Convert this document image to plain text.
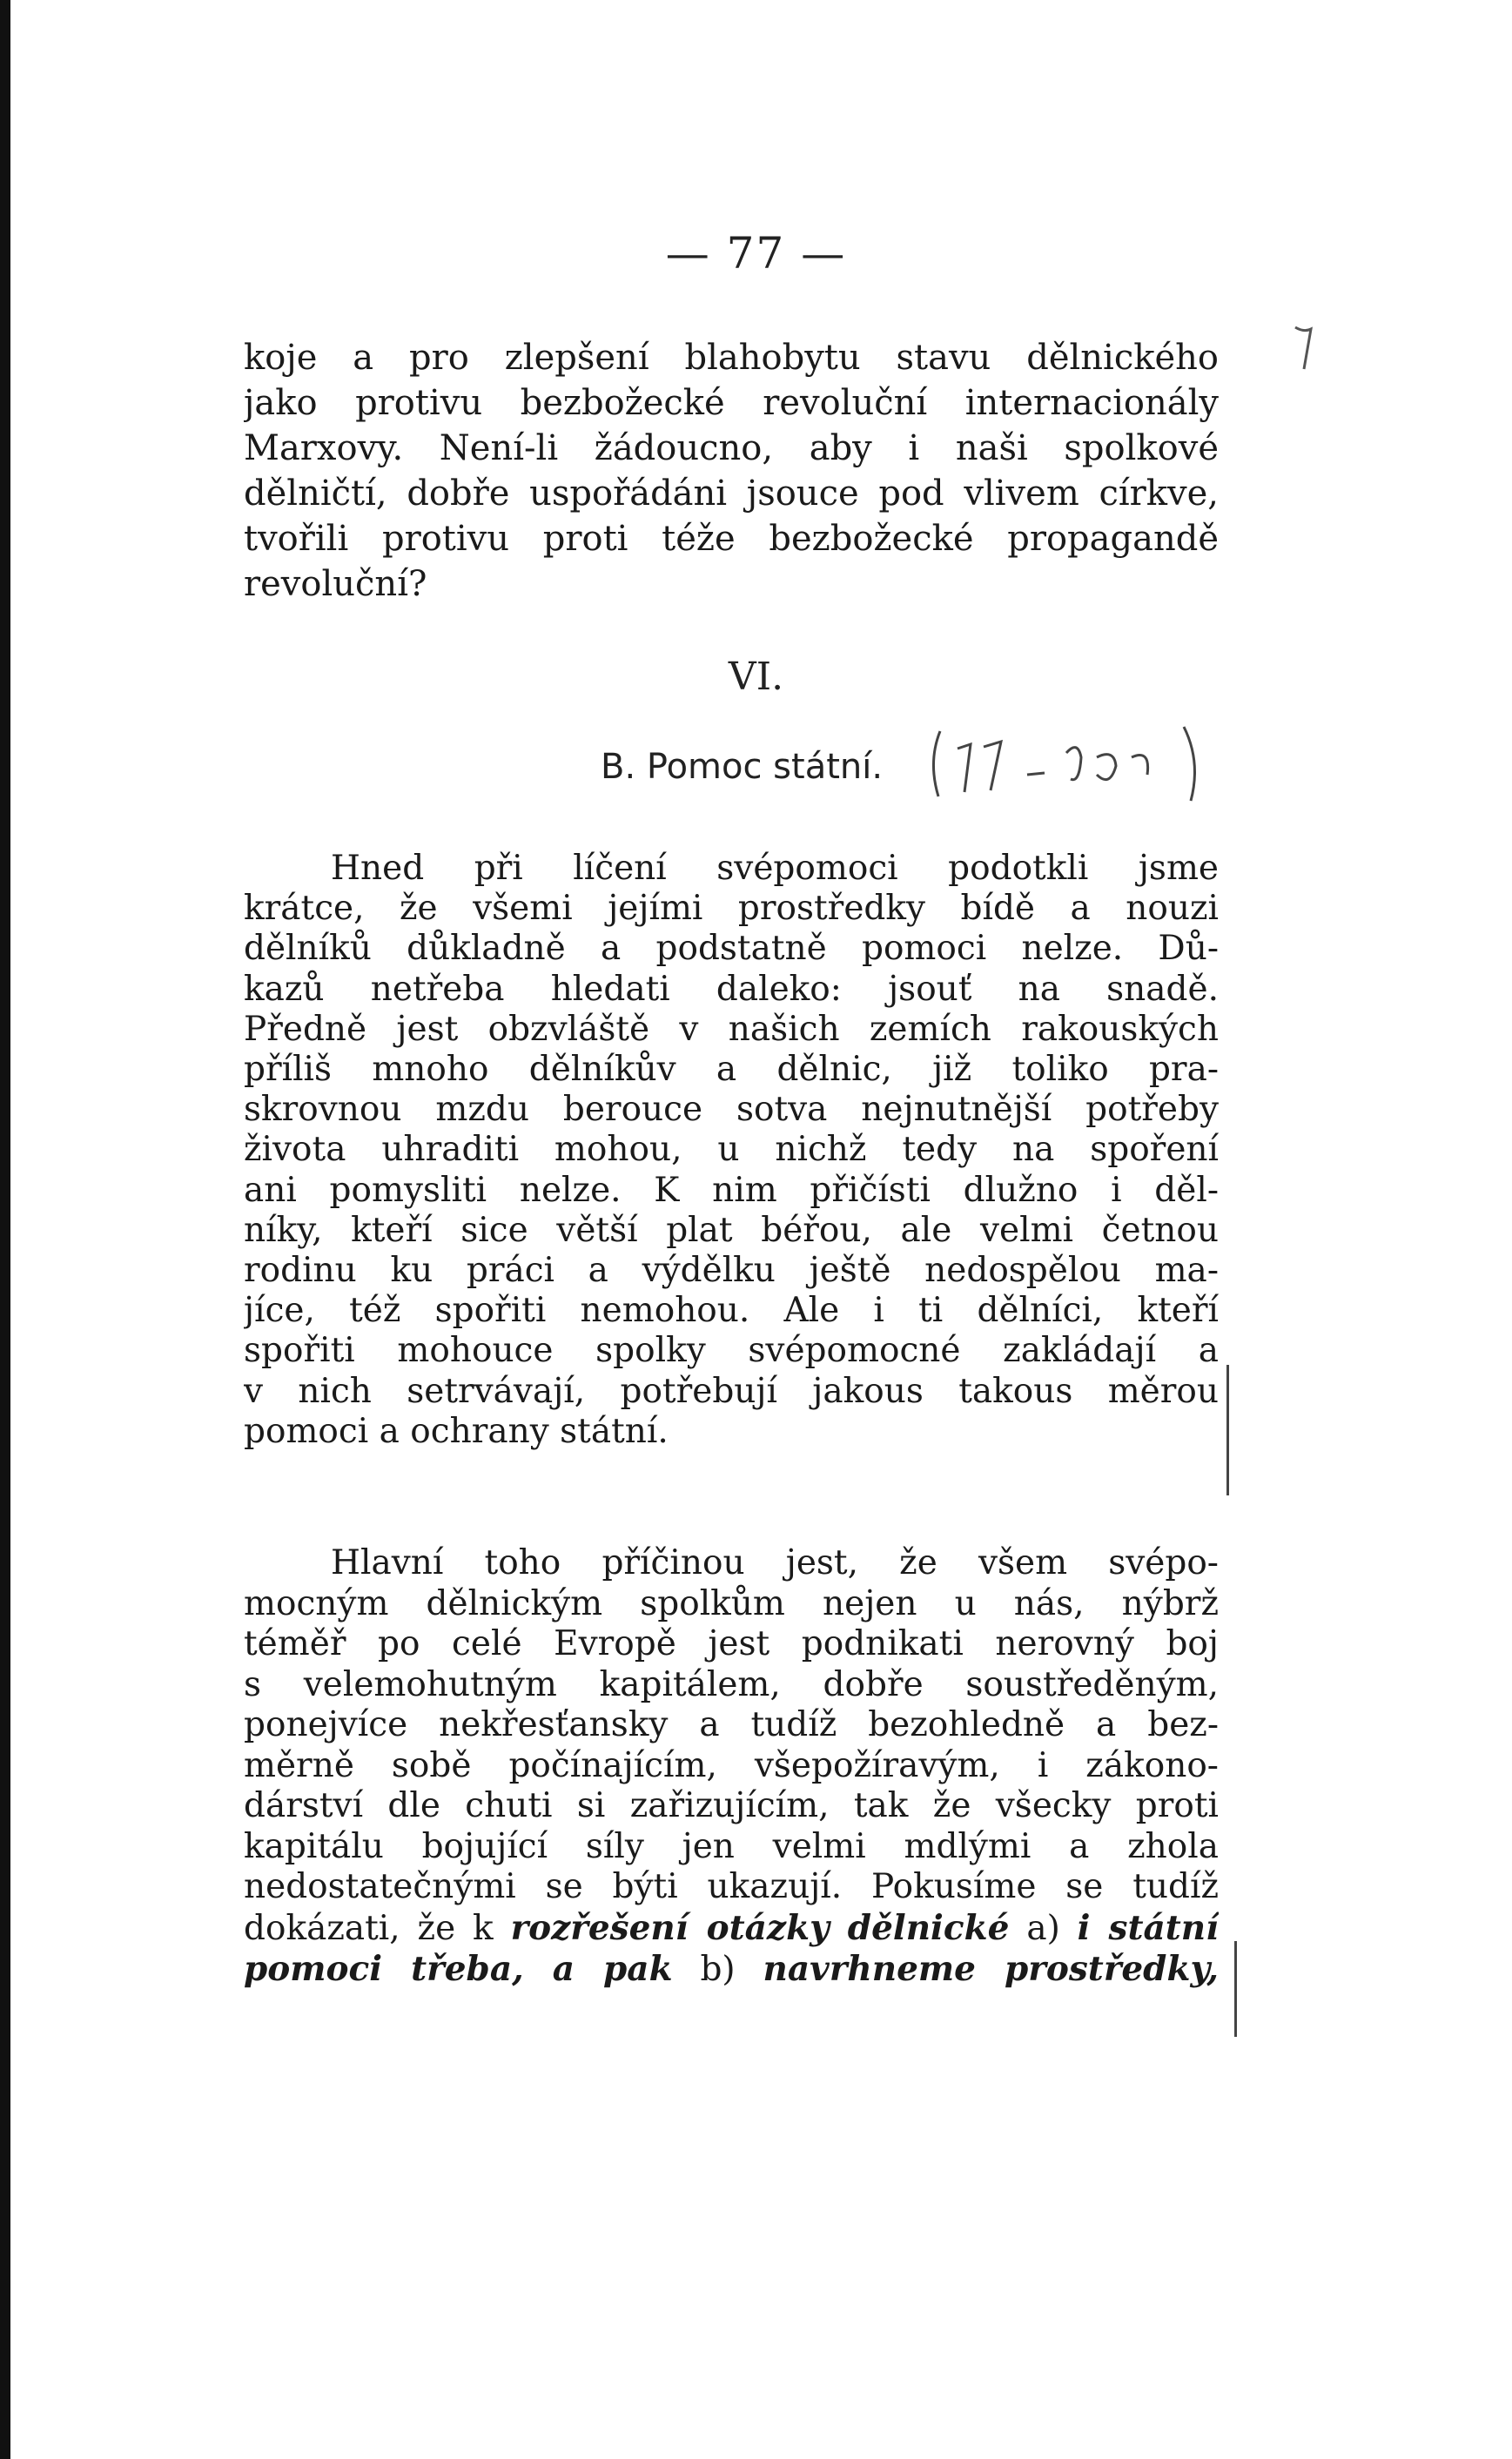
— 77 —
koje a pro zlepšení blahobytu stavu dělnického
jako protivu bezbožecké revoluční internacionály
Marxovy. Není-li žádoucno, aby i naši spolkové
dělničtí, dobře uspořádáni jsouce pod vlivem církve,
tvořili protivu proti téže bezbožecké propagandě
revoluční?
VI.
B. Pomoc státní.
Hned při líčení svépomoci podotkli jsme
krátce, že všemi jejími prostředky bídě a nouzi
dělníků důkladně a podstatně pomoci nelze. Dů-
kazů netřeba hledati daleko: jsouť na snadě.
Předně jest obzvláště v našich zemích rakouských
příliš mnoho dělníkův a dělnic, již toliko pra-
skrovnou mzdu berouce sotva nejnutnější potřeby
života uhraditi mohou, u nichž tedy na spoření
ani pomysliti nelze. K nim přičísti dlužno i děl-
níky, kteří sice větší plat béřou, ale velmi četnou
rodinu ku práci a výdělku ještě nedospělou ma-
jíce, též spořiti nemohou. Ale i ti dělníci, kteří
spořiti mohouce spolky svépomocné zakládají a
v nich setrvávají, potřebují jakous takous měrou
pomoci a ochrany státní.
Hlavní toho příčinou jest, že všem svépo-
mocným dělnickým spolkům nejen u nás, nýbrž
téměř po celé Evropě jest podnikati nerovný boj
s velemohutným kapitálem, dobře soustředěným,
ponejvíce nekřesťansky a tudíž bezohledně a bez-
měrně sobě počínajícím, všepožíravým, i zákono-
dárství dle chuti si zařizujícím, tak že všecky proti
kapitálu bojující síly jen velmi mdlými a zhola
nedostatečnými se býti ukazují. Pokusíme se tudíž
dokázati, že k rozřešení otázky dělnické a) i státní
pomoci třeba, a pak b) navrhneme prostředky,
